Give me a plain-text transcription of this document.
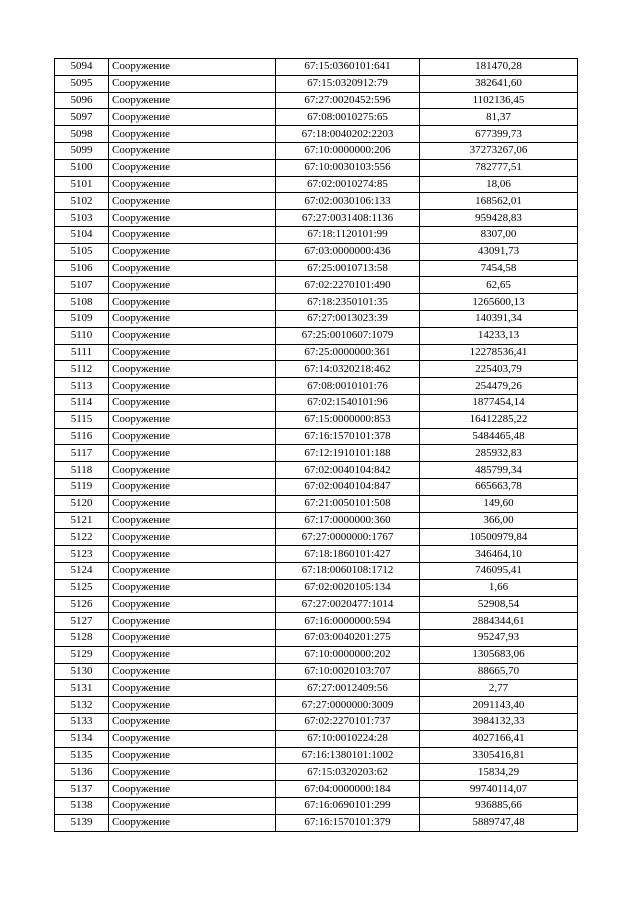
5094	Сооружение	67:15:0360101:641	181470,28
5095	Сооружение	67:15:0320912:79	382641,60
5096	Сооружение	67:27:0020452:596	1102136,45
5097	Сооружение	67:08:0010275:65	81,37
5098	Сооружение	67:18:0040202:2203	677399,73
5099	Сооружение	67:10:0000000:206	37273267,06
5100	Сооружение	67:10:0030103:556	782777,51
5101	Сооружение	67:02:0010274:85	18,06
5102	Сооружение	67:02:0030106:133	168562,01
5103	Сооружение	67:27:0031408:1136	959428,83
5104	Сооружение	67:18:1120101:99	8307,00
5105	Сооружение	67:03:0000000:436	43091,73
5106	Сооружение	67:25:0010713:58	7454,58
5107	Сооружение	67:02:2270101:490	62,65
5108	Сооружение	67:18:2350101:35	1265600,13
5109	Сооружение	67:27:0013023:39	140391,34
5110	Сооружение	67:25:0010607:1079	14233,13
5111	Сооружение	67:25:0000000:361	12278536,41
5112	Сооружение	67:14:0320218:462	225403,79
5113	Сооружение	67:08:0010101:76	254479,26
5114	Сооружение	67:02:1540101:96	1877454,14
5115	Сооружение	67:15:0000000:853	16412285,22
5116	Сооружение	67:16:1570101:378	5484465,48
5117	Сооружение	67:12:1910101:188	285932,83
5118	Сооружение	67:02:0040104:842	485799,34
5119	Сооружение	67:02:0040104:847	665663,78
5120	Сооружение	67:21:0050101:508	149,60
5121	Сооружение	67:17:0000000:360	366,00
5122	Сооружение	67:27:0000000:1767	10500979,84
5123	Сооружение	67:18:1860101:427	346464,10
5124	Сооружение	67:18:0060108:1712	746095,41
5125	Сооружение	67:02:0020105:134	1,66
5126	Сооружение	67:27:0020477:1014	52908,54
5127	Сооружение	67:16:0000000:594	2884344,61
5128	Сооружение	67:03:0040201:275	95247,93
5129	Сооружение	67:10:0000000:202	1305683,06
5130	Сооружение	67:10:0020103:707	88665,70
5131	Сооружение	67:27:0012409:56	2,77
5132	Сооружение	67:27:0000000:3009	2091143,40
5133	Сооружение	67:02:2270101:737	3984132,33
5134	Сооружение	67:10:0010224:28	4027166,41
5135	Сооружение	67:16:1380101:1002	3305416,81
5136	Сооружение	67:15:0320203:62	15834,29
5137	Сооружение	67:04:0000000:184	99740114,07
5138	Сооружение	67:16:0690101:299	936885,66
5139	Сооружение	67:16:1570101:379	5889747,48
